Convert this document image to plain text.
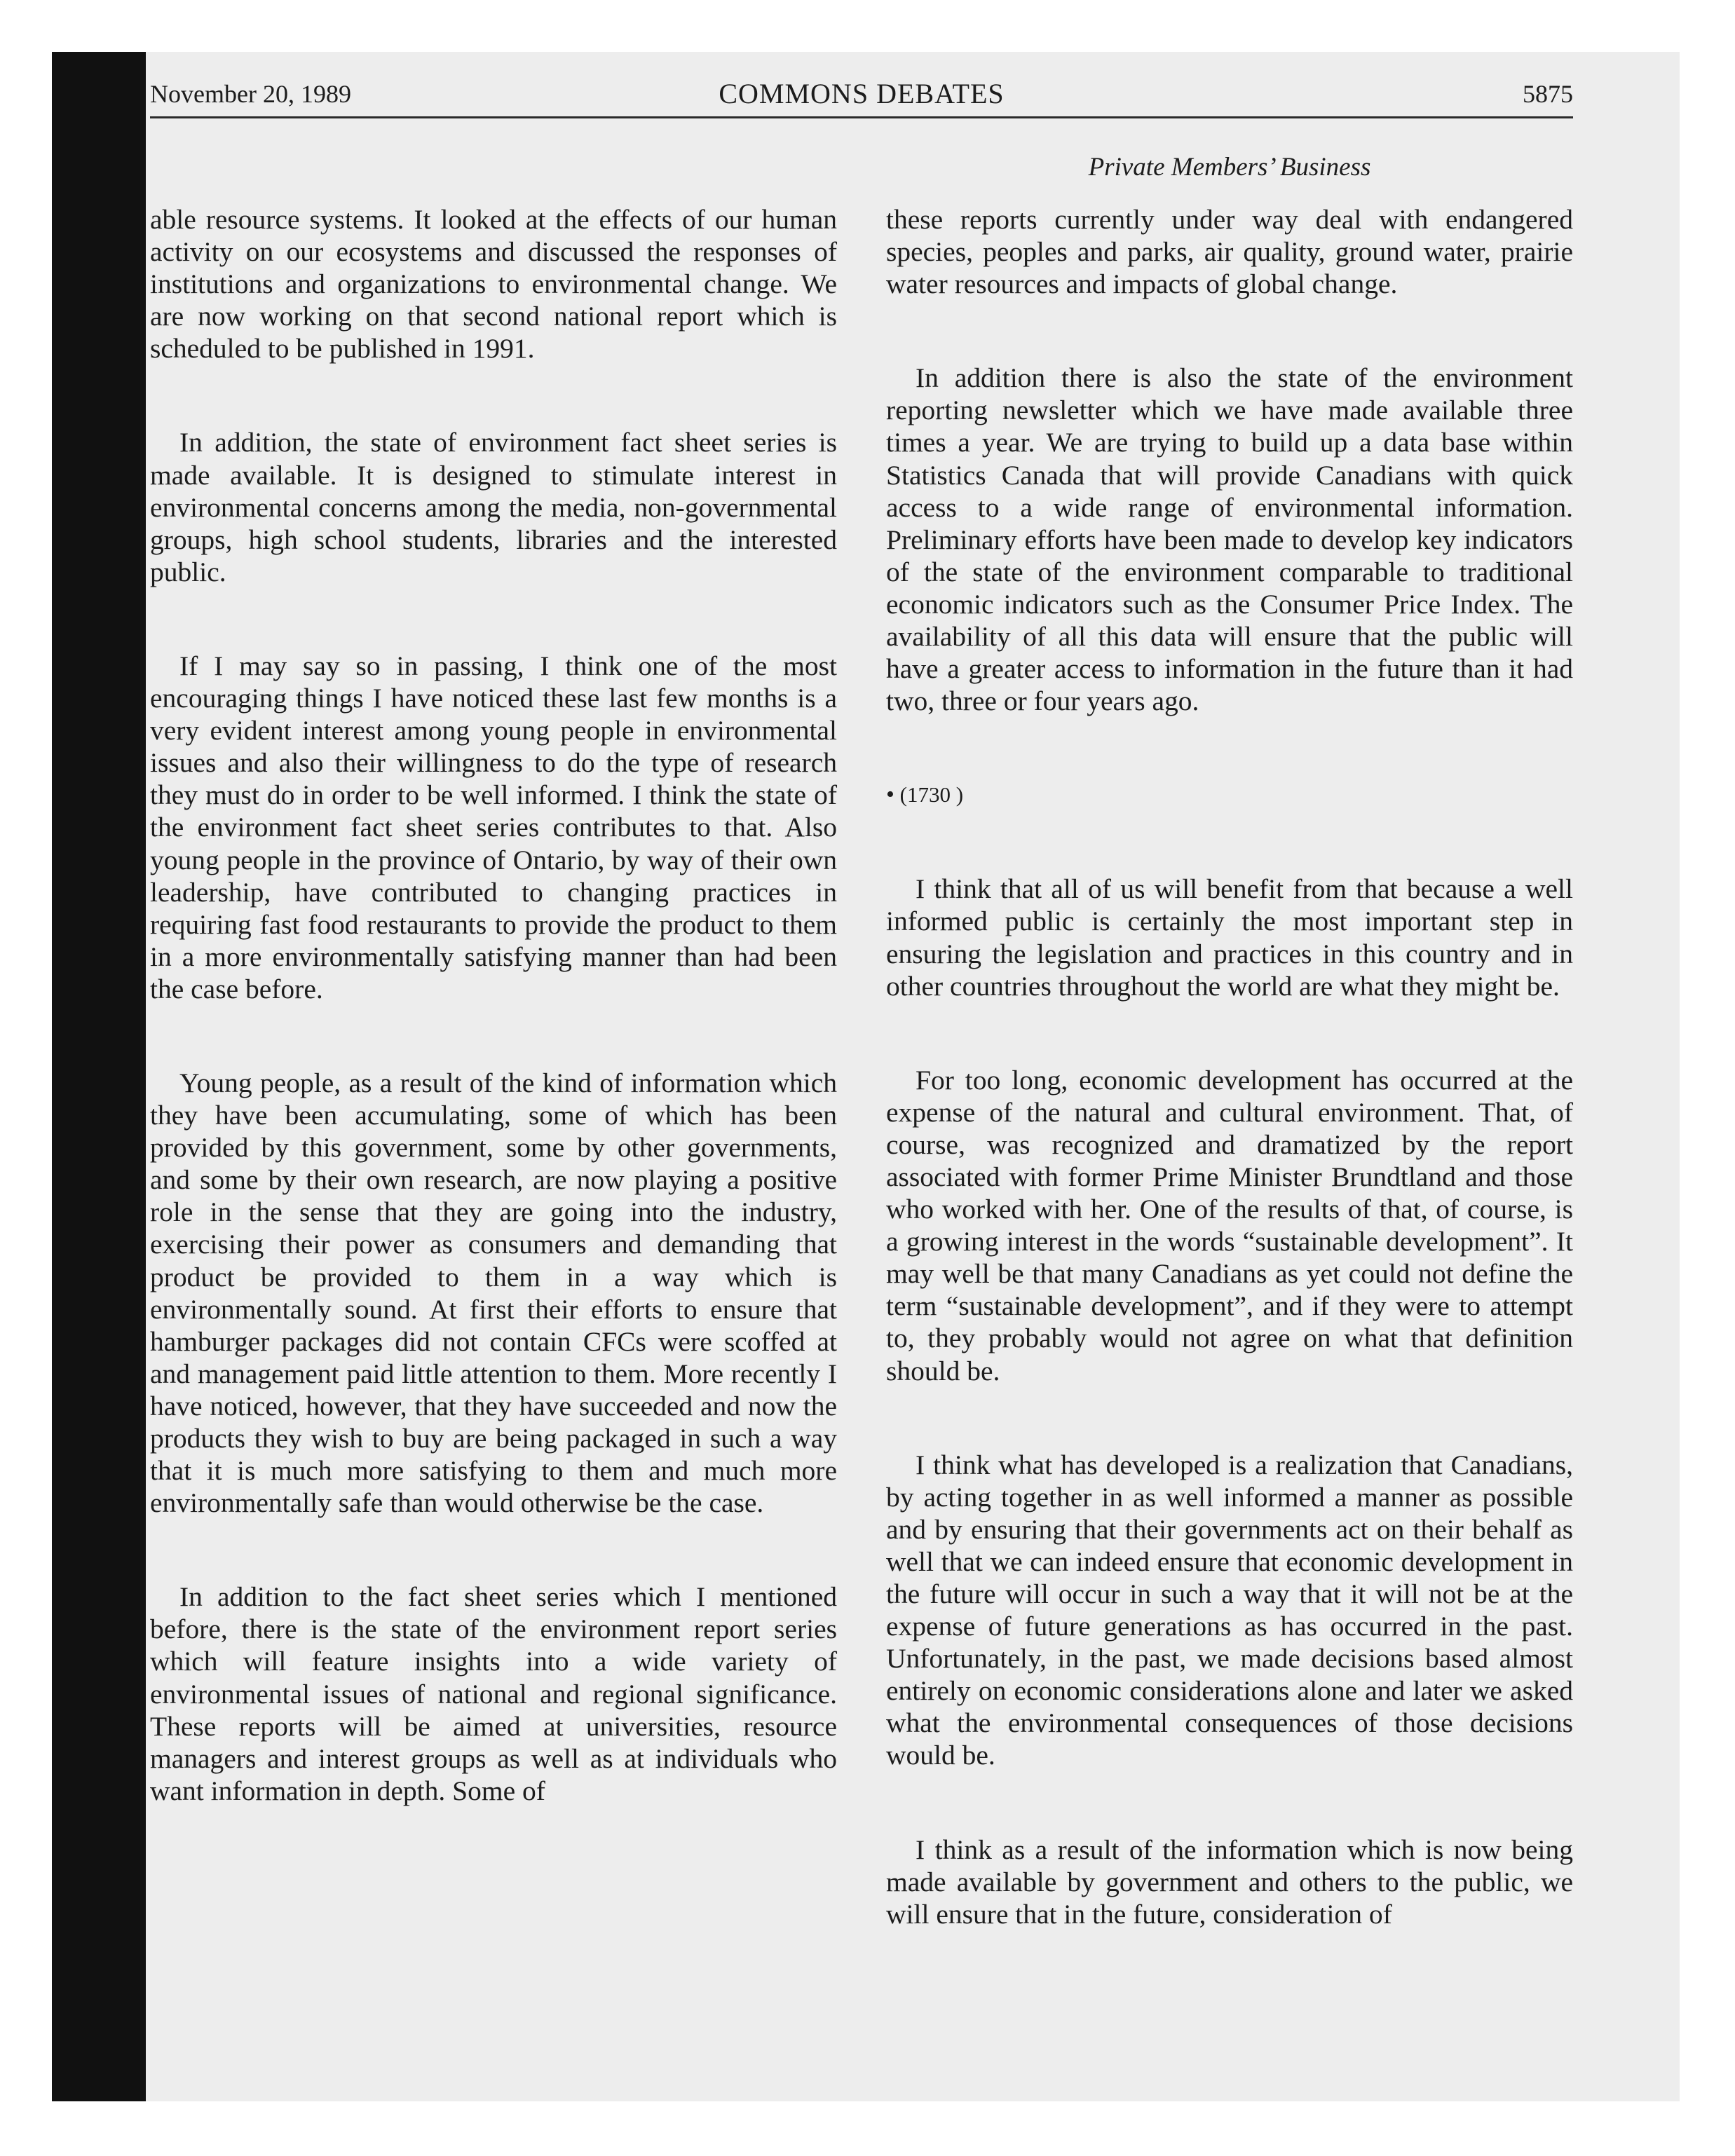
November 20, 1989	COMMONS DEBATES	5875
Private Members’ Business

able resource systems. It looked at the effects of our human activity on our ecosystems and discussed the responses of institutions and organizations to environmental change. We are now working on that second national report which is scheduled to be published in 1991.

In addition, the state of environment fact sheet series is made available. It is designed to stimulate interest in environmental concerns among the media, non-governmental groups, high school students, libraries and the interested public.

If I may say so in passing, I think one of the most encouraging things I have noticed these last few months is a very evident interest among young people in environmental issues and also their willingness to do the type of research they must do in order to be well informed. I think the state of the environment fact sheet series contributes to that. Also young people in the province of Ontario, by way of their own leadership, have contributed to changing practices in requiring fast food restaurants to provide the product to them in a more environmentally satisfying manner than had been the case before.

Young people, as a result of the kind of information which they have been accumulating, some of which has been provided by this government, some by other governments, and some by their own research, are now playing a positive role in the sense that they are going into the industry, exercising their power as consumers and demanding that product be provided to them in a way which is environmentally sound. At first their efforts to ensure that hamburger packages did not contain CFCs were scoffed at and management paid little attention to them. More recently I have noticed, however, that they have succeeded and now the products they wish to buy are being packaged in such a way that it is much more satisfying to them and much more environmentally safe than would otherwise be the case.

In addition to the fact sheet series which I mentioned before, there is the state of the environment report series which will feature insights into a wide variety of environmental issues of national and regional significance. These reports will be aimed at universities, resource managers and interest groups as well as at individuals who want information in depth. Some of

these reports currently under way deal with endangered species, peoples and parks, air quality, ground water, prairie water resources and impacts of global change.

In addition there is also the state of the environment reporting newsletter which we have made available three times a year. We are trying to build up a data base within Statistics Canada that will provide Canadians with quick access to a wide range of environmental information. Preliminary efforts have been made to develop key indicators of the state of the environment comparable to traditional economic indicators such as the Consumer Price Index. The availability of all this data will ensure that the public will have a greater access to information in the future than it had two, three or four years ago.

• (1730 )

I think that all of us will benefit from that because a well informed public is certainly the most important step in ensuring the legislation and practices in this country and in other countries throughout the world are what they might be.

For too long, economic development has occurred at the expense of the natural and cultural environment. That, of course, was recognized and dramatized by the report associated with former Prime Minister Brundtland and those who worked with her. One of the results of that, of course, is a growing interest in the words “sustainable development”. It may well be that many Canadians as yet could not define the term “sustainable development”, and if they were to attempt to, they probably would not agree on what that definition should be.

I think what has developed is a realization that Canadians, by acting together in as well informed a manner as possible and by ensuring that their governments act on their behalf as well that we can indeed ensure that economic development in the future will occur in such a way that it will not be at the expense of future generations as has occurred in the past. Unfortunately, in the past, we made decisions based almost entirely on economic considerations alone and later we asked what the environmental consequences of those decisions would be.

I think as a result of the information which is now being made available by government and others to the public, we will ensure that in the future, consideration of
